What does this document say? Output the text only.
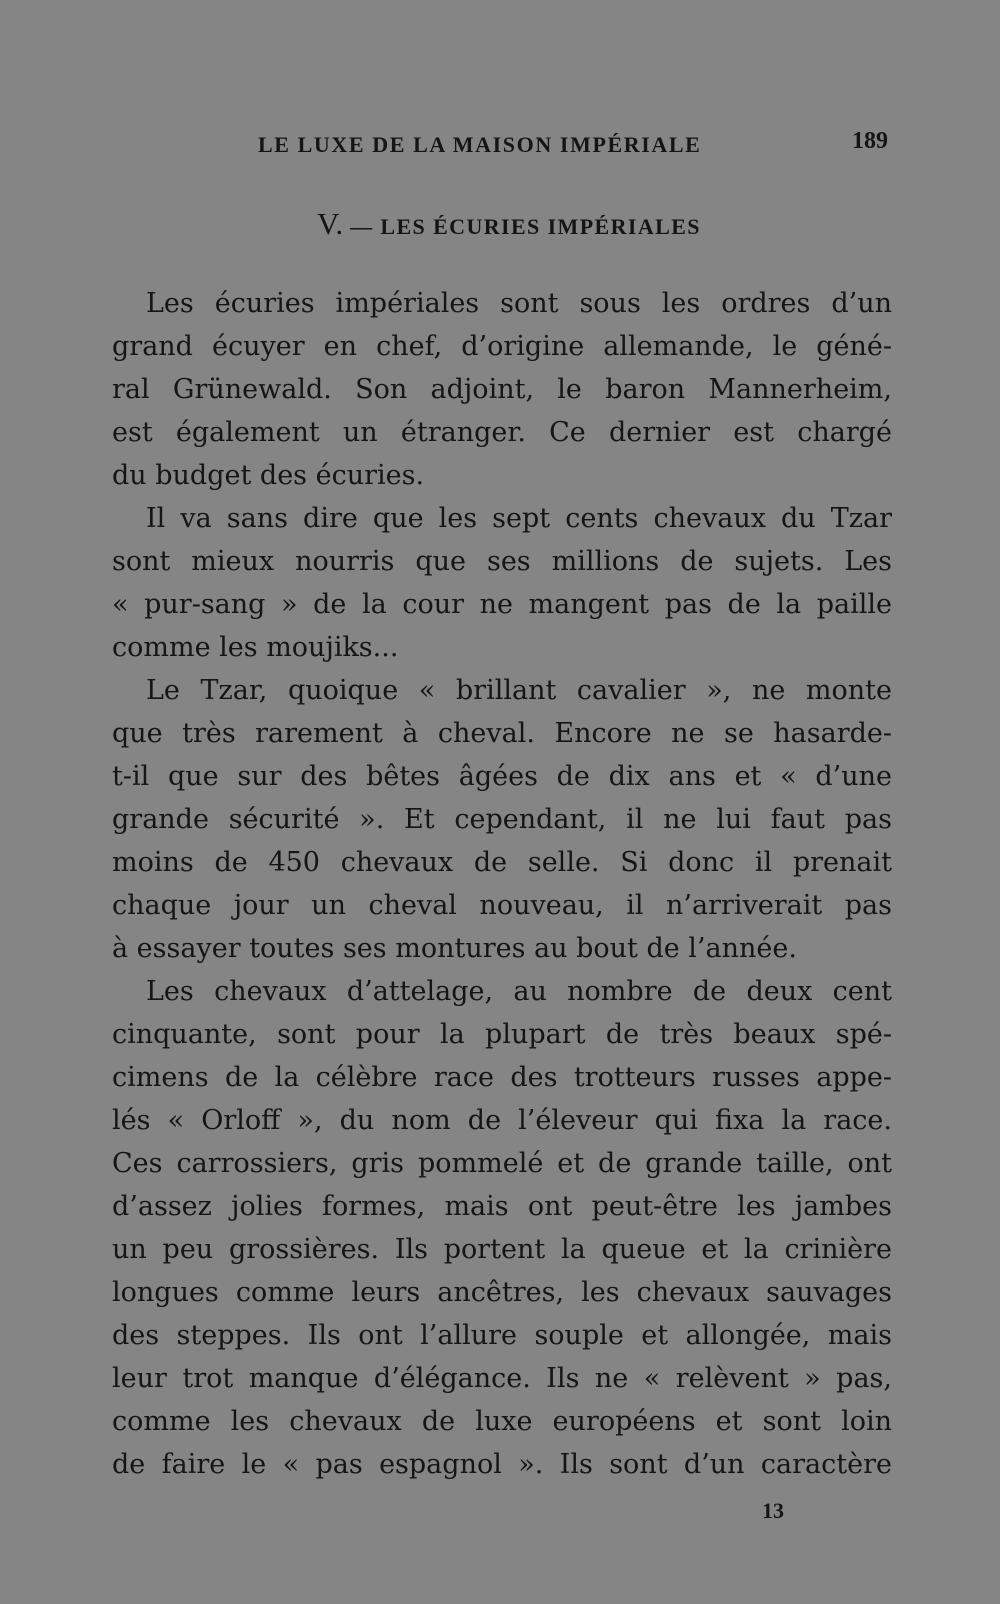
LE LUXE DE LA MAISON IMPÉRIALE	189
V. — LES ÉCURIES IMPÉRIALES
Les écuries impériales sont sous les ordres d’un
grand écuyer en chef, d’origine allemande, le géné-
ral Grünewald. Son adjoint, le baron Mannerheim,
est également un étranger. Ce dernier est chargé
du budget des écuries.
Il va sans dire que les sept cents chevaux du Tzar
sont mieux nourris que ses millions de sujets. Les
« pur-sang » de la cour ne mangent pas de la paille
comme les moujiks...
Le Tzar, quoique « brillant cavalier », ne monte
que très rarement à cheval. Encore ne se hasarde-
t-il que sur des bêtes âgées de dix ans et « d’une
grande sécurité ». Et cependant, il ne lui faut pas
moins de 450 chevaux de selle. Si donc il prenait
chaque jour un cheval nouveau, il n’arriverait pas
à essayer toutes ses montures au bout de l’année.
Les chevaux d’attelage, au nombre de deux cent
cinquante, sont pour la plupart de très beaux spé-
cimens de la célèbre race des trotteurs russes appe-
lés « Orloff », du nom de l’éleveur qui fixa la race.
Ces carrossiers, gris pommelé et de grande taille, ont
d’assez jolies formes, mais ont peut-être les jambes
un peu grossières. Ils portent la queue et la crinière
longues comme leurs ancêtres, les chevaux sauvages
des steppes. Ils ont l’allure souple et allongée, mais
leur trot manque d’élégance. Ils ne « relèvent » pas,
comme les chevaux de luxe européens et sont loin
de faire le « pas espagnol ». Ils sont d’un caractère
13
